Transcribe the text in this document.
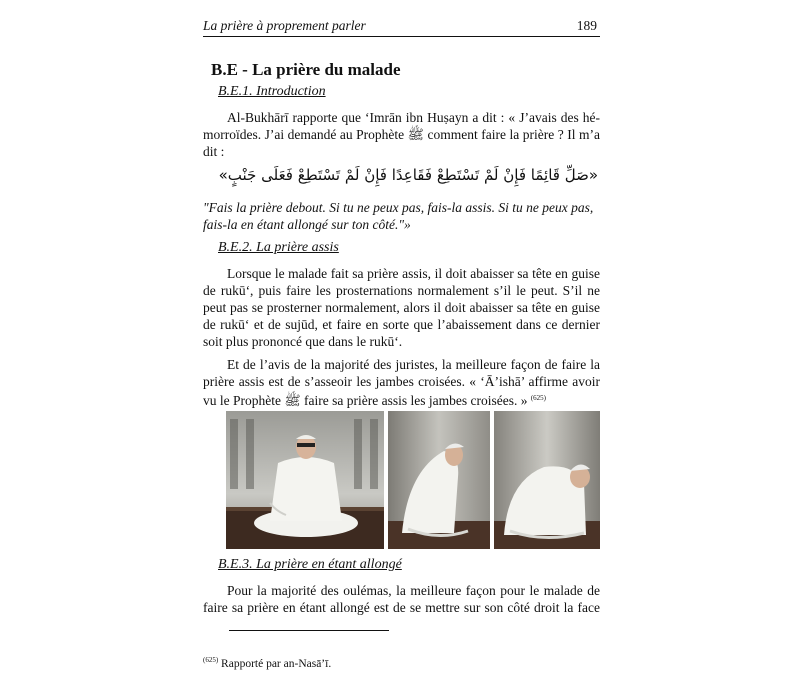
La prière à proprement parler	189
B.E - La prière du malade
B.E.1. Introduction
Al-Bukhārī rapporte que ‘Imrān ibn Huṣayn a dit : « J’avais des hé-
morroïdes. J’ai demandé au Prophète ﷺ comment faire la prière ? Il m’a
dit :
«صَلِّ قَائِمًا فَإِنْ لَمْ تَسْتَطِعْ فَقَاعِدًا فَإِنْ لَمْ تَسْتَطِعْ فَعَلَى جَنْبٍ»
"Fais la prière debout. Si tu ne peux pas, fais-la assis. Si tu ne peux pas,
fais-la en étant allongé sur ton côté."»
B.E.2. La prière assis
Lorsque le malade fait sa prière assis, il doit abaisser sa tête en guise
de rukū‘, puis faire les prosternations normalement s’il le peut. S’il ne
peut pas se prosterner normalement, alors il doit abaisser sa tête en guise
de rukū‘ et de sujūd, et faire en sorte que l’abaissement dans ce dernier
soit plus prononcé que dans le rukū‘.
Et de l’avis de la majorité des juristes, la meilleure façon de faire la
prière assis est de s’asseoir les jambes croisées. « ‘Ā’ishā’ affirme avoir
vu le Prophète ﷺ faire sa prière assis les jambes croisées. » $^{(625)}$
B.E.3. La prière en étant allongé
Pour la majorité des oulémas, la meilleure façon pour le malade de
faire sa prière en étant allongé est de se mettre sur son côté droit la face
$^{(625)}$ Rapporté par an-Nasā’ī.
